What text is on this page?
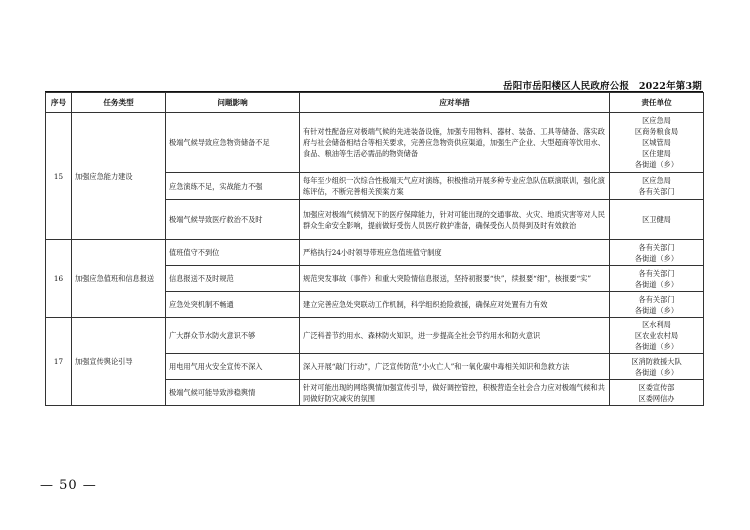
岳阳市岳阳楼区人民政府公报　2022年第3期
序号	任务类型	问题影响	应对举措	责任单位
15	加强应急能力建设	极端气候导致应急物资储备不足	有针对性配备应对极端气候的先进装备设施，加强专用物料、器材、装备、工具等储备、落实政府与社会储备相结合等相关要求，完善应急物资供应渠道，加强生产企业、大型超商等饮用水、食品、粮油等生活必需品的物资储备	区应急局
区商务粮食局
区城管局
区住建局
各街道（乡）

		应急演练不足，实战能力不强	每年至少组织一次综合性极端天气应对演练，积极推动开展多种专业应急队伍联演联训，强化演练评估，不断完善相关预案方案	区应急局
各有关部门

		极端气候导致医疗救治不及时	加强应对极端气候情况下的医疗保障能力，针对可能出现的交通事故、火灾、地质灾害等对人民群众生命安全影响，提前做好受伤人员医疗救护准备，确保受伤人员得到及时有效救治	区卫健局

16	加强应急值班和信息报送	值班值守不到位	严格执行24小时领导带班应急值班值守制度	各有关部门
各街道（乡）

		信息报送不及时规范	规范突发事故（事件）和重大突险情信息报送，坚持初报要“快”，续报要“细”，核报要“实”	各有关部门
各街道（乡）

		应急处突机制不畅通	建立完善应急处突联动工作机制，科学组织抢险救援，确保应对处置有力有效	各有关部门
各街道（乡）

17	加强宣传舆论引导	广大群众节水防火意识不够	广泛科普节约用水、森林防火知识，进一步提高全社会节约用水和防火意识	区水利局
区农业农村局
各街道（乡）

		用电用气用火安全宣传不深入	深入开展“敲门行动”，广泛宣传防范“小火亡人”和一氧化碳中毒相关知识和急救方法	区消防救援大队
各街道（乡）

		极端气候可能导致涉稳舆情	针对可能出现的网络舆情加强宣传引导，做好调控管控，积极营造全社会合力应对极端气候和共同做好防灾减灾的氛围	区委宣传部
区委网信办
— 50 —
